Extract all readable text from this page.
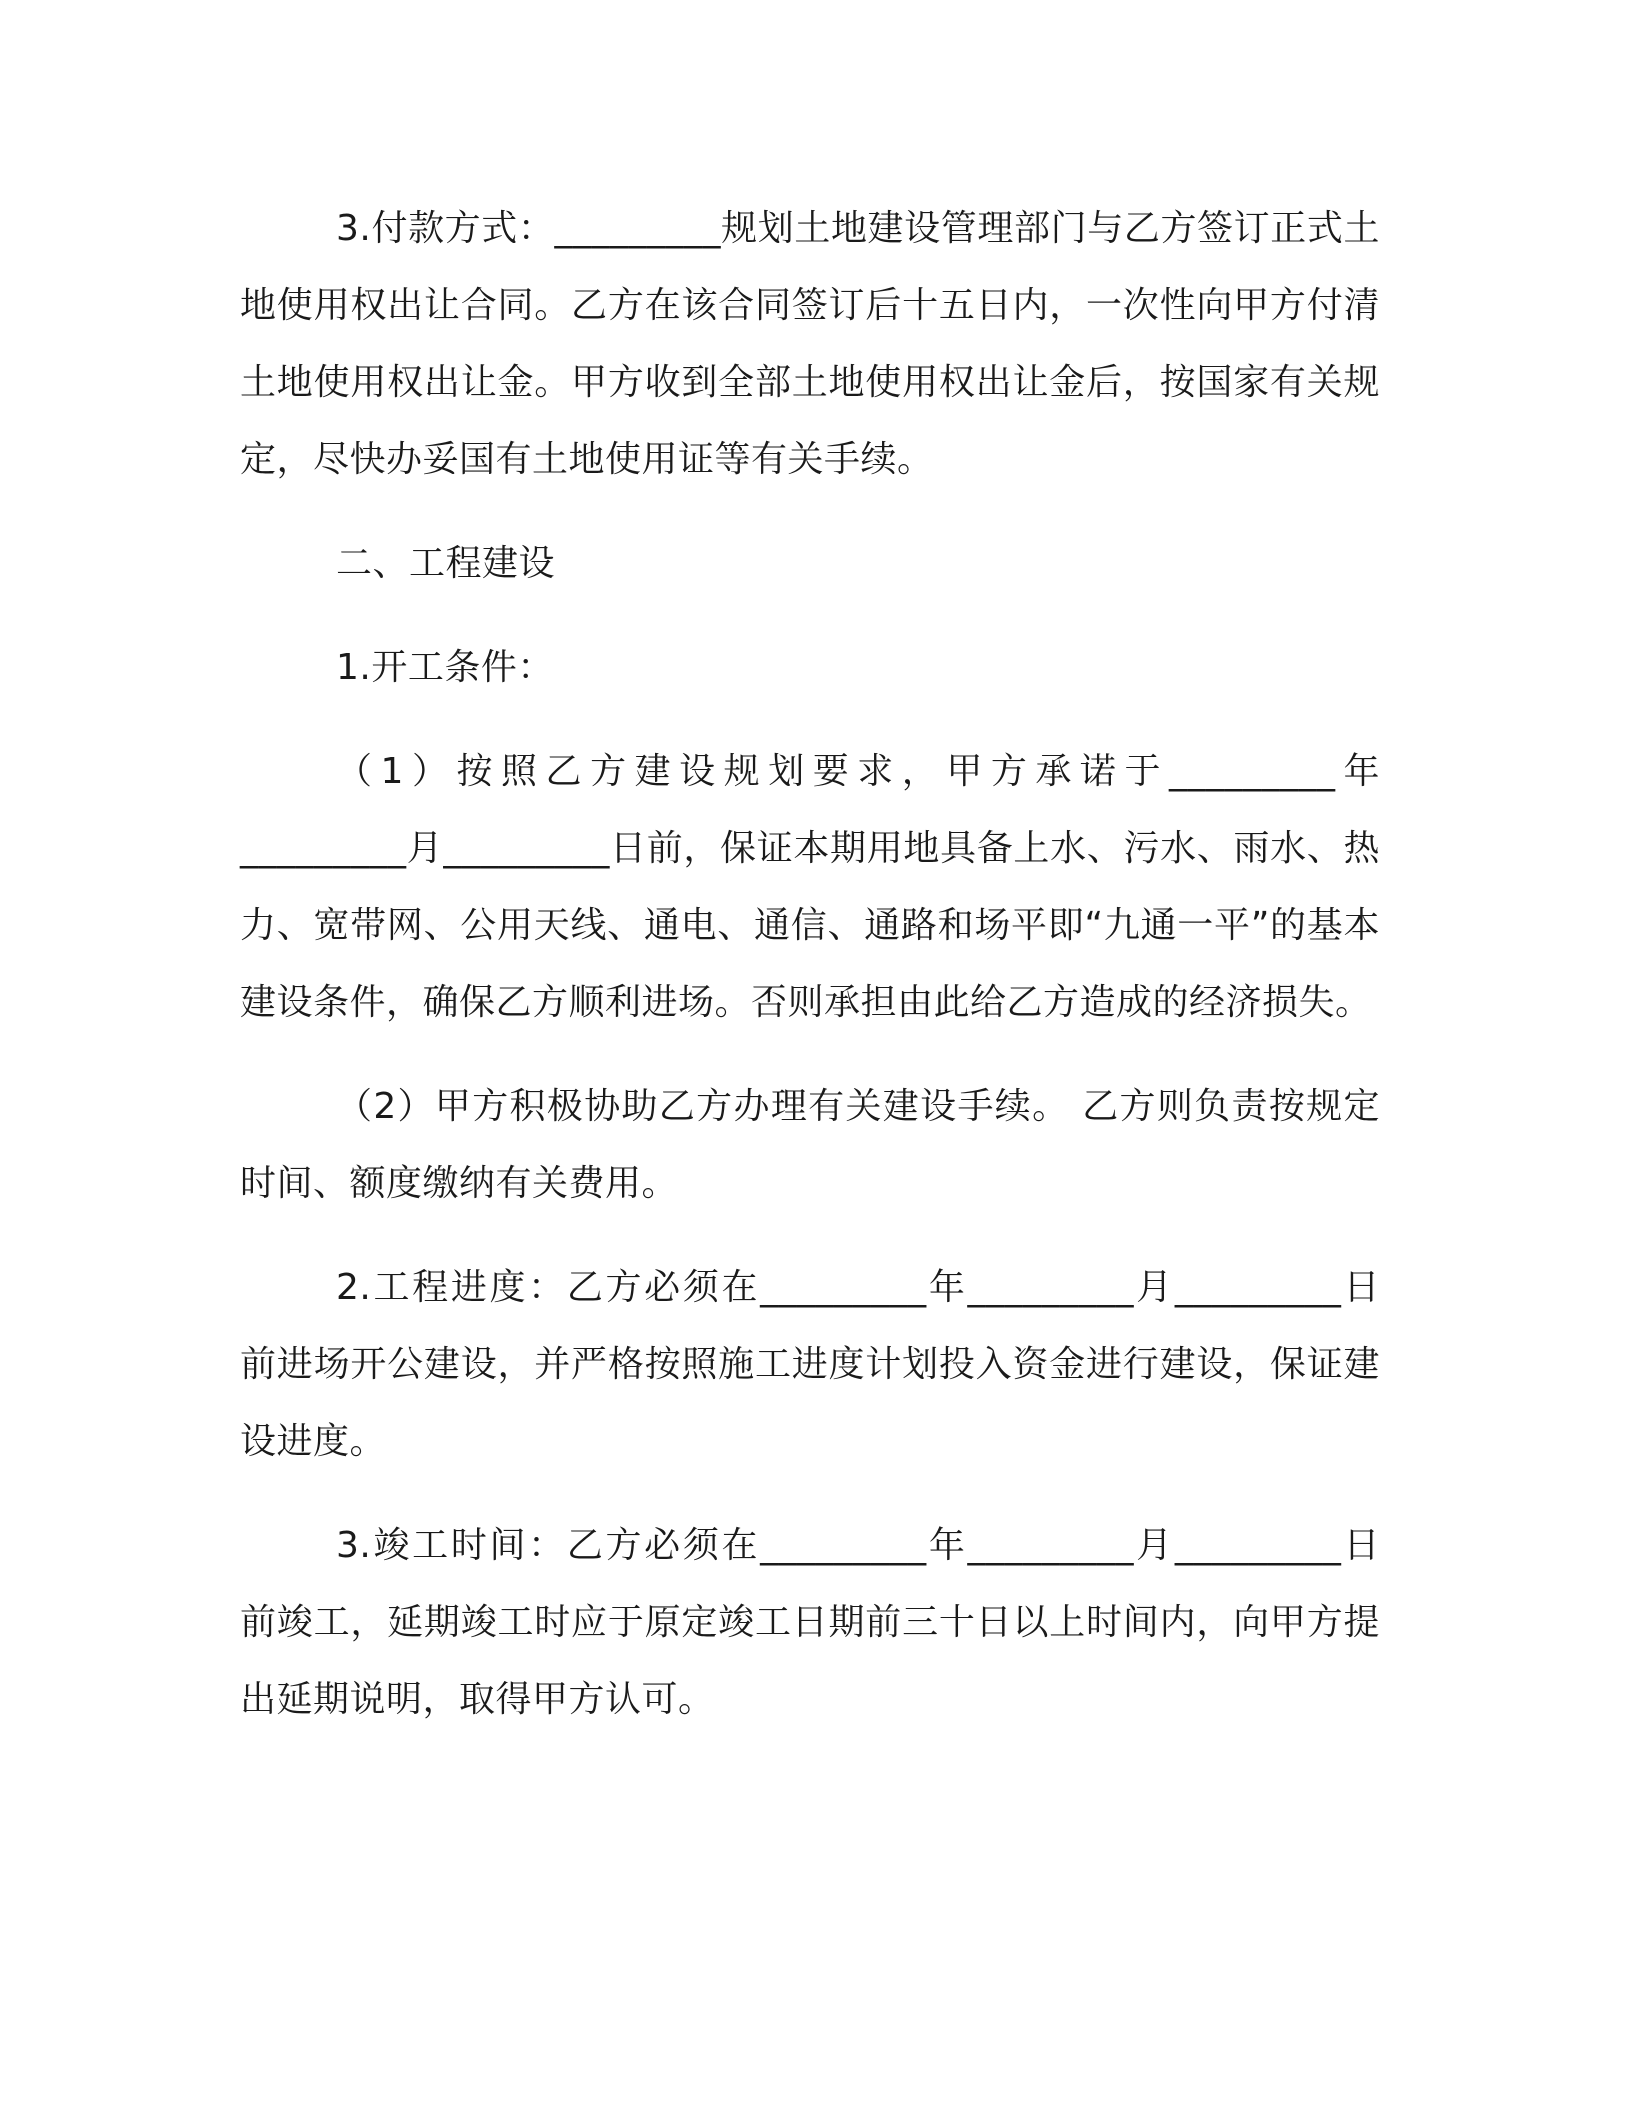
3.付款方式：_________规划土地建设管理部门与乙方签订正式土地使用权出让合同。乙方在该合同签订后十五日内，一次性向甲方付清土地使用权出让金。甲方收到全部土地使用权出让金后，按国家有关规定，尽快办妥国有土地使用证等有关手续。

二、工程建设

1.开工条件：

（1）按照乙方建设规划要求，甲方承诺于_________年_________月_________日前，保证本期用地具备上水、污水、雨水、热力、宽带网、公用天线、通电、通信、通路和场平即“九通一平”的基本建设条件，确保乙方顺利进场。否则承担由此给乙方造成的经济损失。

（2）甲方积极协助乙方办理有关建设手续。 乙方则负责按规定时间、额度缴纳有关费用。

2.工程进度：乙方必须在_________年_________月_________日前进场开公建设，并严格按照施工进度计划投入资金进行建设，保证建设进度。

3.竣工时间：乙方必须在_________年_________月_________日前竣工，延期竣工时应于原定竣工日期前三十日以上时间内，向甲方提出延期说明，取得甲方认可。
